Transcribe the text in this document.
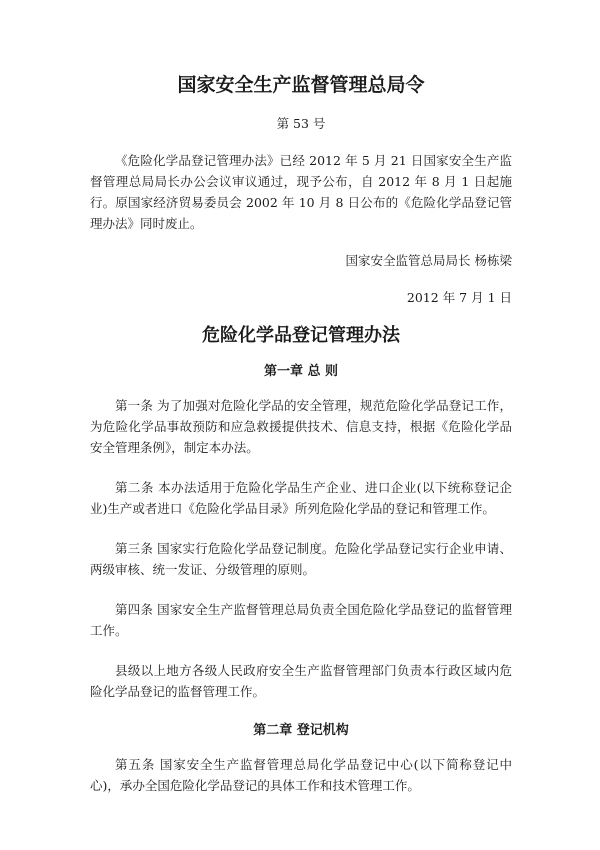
国家安全生产监督管理总局令

第 53 号

《危险化学品登记管理办法》已经 2012 年 5 月 21 日国家安全生产监督管理总局局长办公会议审议通过，现予公布，自 2012 年 8 月 1 日起施行。原国家经济贸易委员会 2002 年 10 月 8 日公布的《危险化学品登记管理办法》同时废止。

国家安全监管总局局长 杨栋梁

2012 年 7 月 1 日

危险化学品登记管理办法
第一章 总 则

第一条 为了加强对危险化学品的安全管理，规范危险化学品登记工作，为危险化学品事故预防和应急救援提供技术、信息支持，根据《危险化学品安全管理条例》，制定本办法。

第二条 本办法适用于危险化学品生产企业、进口企业(以下统称登记企业)生产或者进口《危险化学品目录》所列危险化学品的登记和管理工作。

第三条 国家实行危险化学品登记制度。危险化学品登记实行企业申请、两级审核、统一发证、分级管理的原则。

第四条 国家安全生产监督管理总局负责全国危险化学品登记的监督管理工作。

县级以上地方各级人民政府安全生产监督管理部门负责本行政区域内危险化学品登记的监督管理工作。

第二章 登记机构

第五条 国家安全生产监督管理总局化学品登记中心(以下简称登记中心)，承办全国危险化学品登记的具体工作和技术管理工作。
